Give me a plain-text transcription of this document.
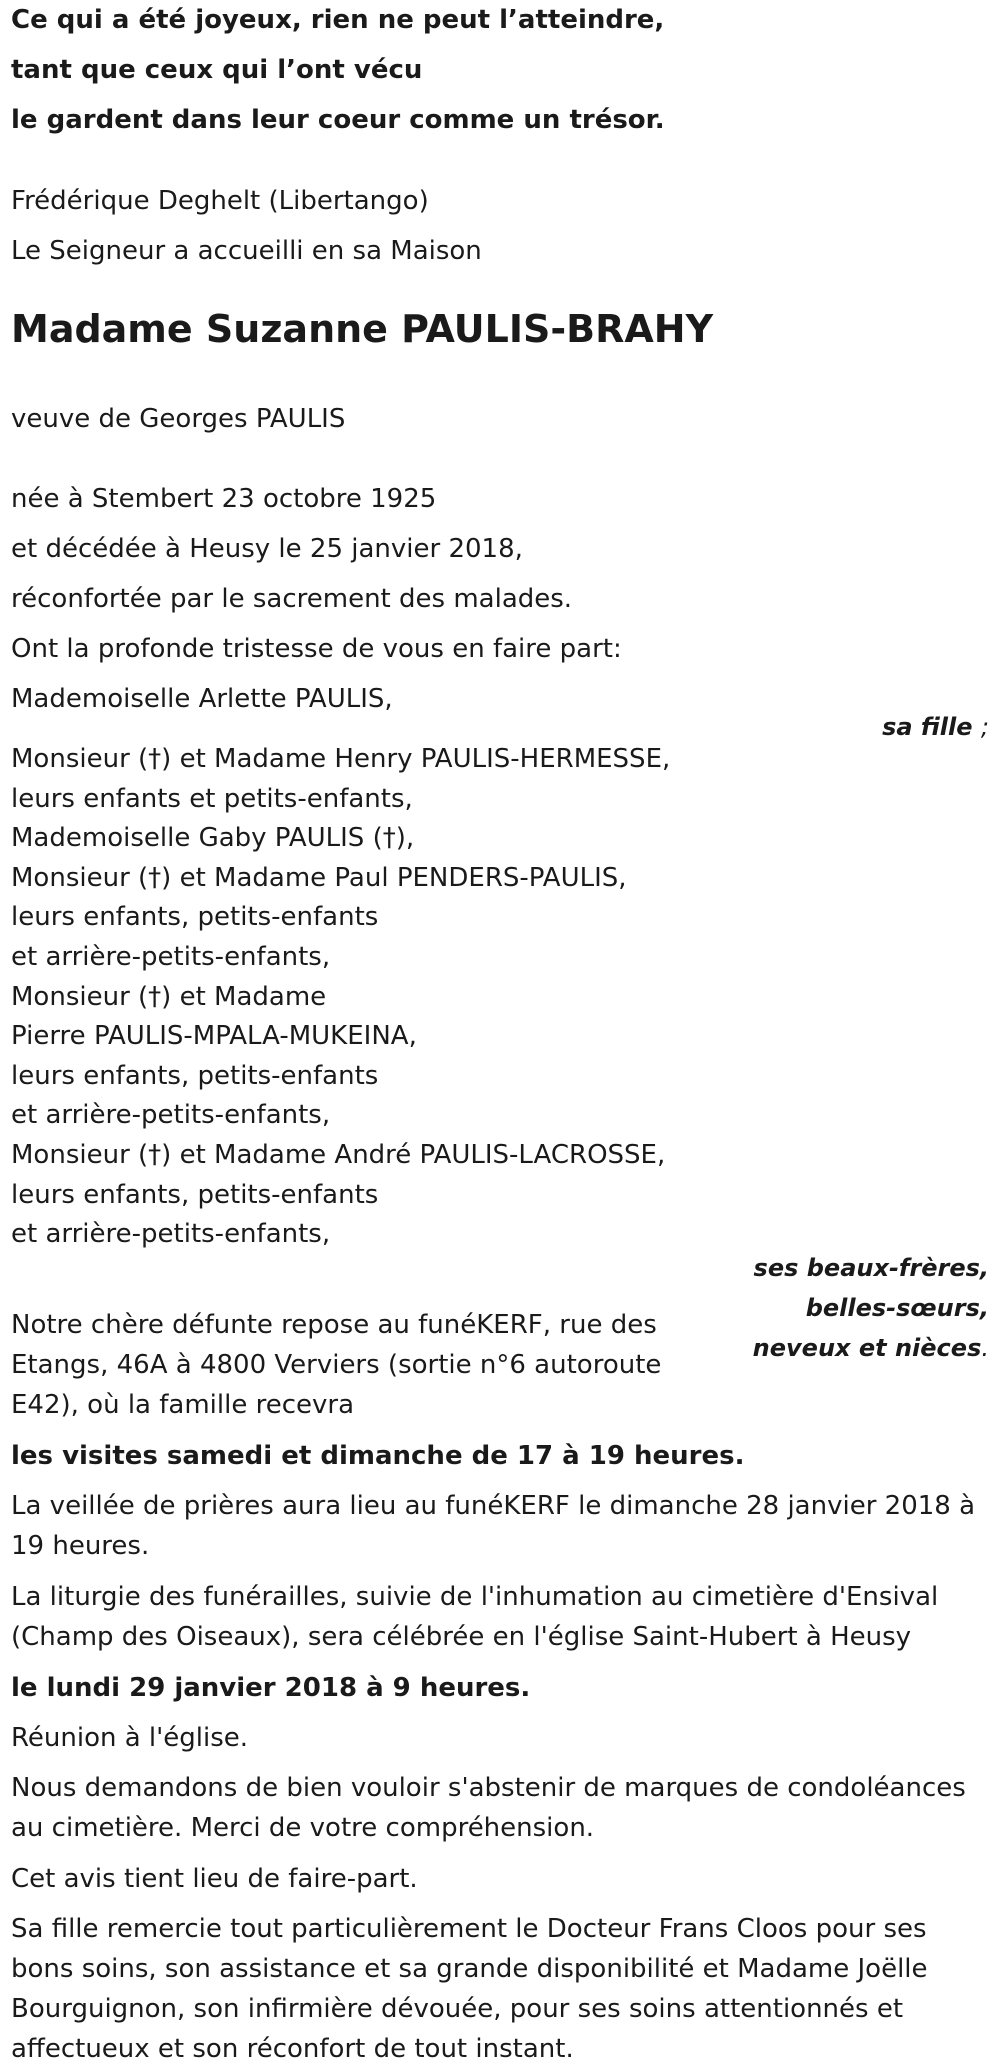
Ce qui a été joyeux, rien ne peut l’atteindre,

tant que ceux qui l’ont vécu

le gardent dans leur coeur comme un trésor.

Frédérique Deghelt (Libertango)

Le Seigneur a accueilli en sa Maison

Madame Suzanne PAULIS-BRAHY

veuve de Georges PAULIS

née à Stembert 23 octobre 1925

et décédée à Heusy le 25 janvier 2018,

réconfortée par le sacrement des malades.

Ont la profonde tristesse de vous en faire part:

Mademoiselle Arlette PAULIS,

sa fille ;

Monsieur (†) et Madame Henry PAULIS-HERMESSE,

leurs enfants et petits-enfants,

Mademoiselle Gaby PAULIS (†),

Monsieur (†) et Madame Paul PENDERS-PAULIS,

leurs enfants, petits-enfants

et arrière-petits-enfants,

Monsieur (†) et Madame

Pierre PAULIS-MPALA-MUKEINA,

leurs enfants, petits-enfants

et arrière-petits-enfants,

Monsieur (†) et Madame André PAULIS-LACROSSE,

leurs enfants, petits-enfants

et arrière-petits-enfants,

ses beaux-frères,

belles-sœurs,

neveux et nièces.

Notre chère défunte repose au funéKERF, rue des

Etangs, 46A à 4800 Verviers (sortie n°6 autoroute

E42), où la famille recevra

les visites samedi et dimanche de 17 à 19 heures.

La veillée de prières aura lieu au funéKERF le dimanche 28 janvier 2018 à

19 heures.

La liturgie des funérailles, suivie de l'inhumation au cimetière d'Ensival

(Champ des Oiseaux), sera célébrée en l'église Saint-Hubert à Heusy

le lundi 29 janvier 2018 à 9 heures.

Réunion à l'église.

Nous demandons de bien vouloir s'abstenir de marques de condoléances

au cimetière. Merci de votre compréhension.

Cet avis tient lieu de faire-part.

Sa fille remercie tout particulièrement le Docteur Frans Cloos pour ses

bons soins, son assistance et sa grande disponibilité et Madame Joëlle

Bourguignon, son infirmière dévouée, pour ses soins attentionnés et

affectueux et son réconfort de tout instant.
